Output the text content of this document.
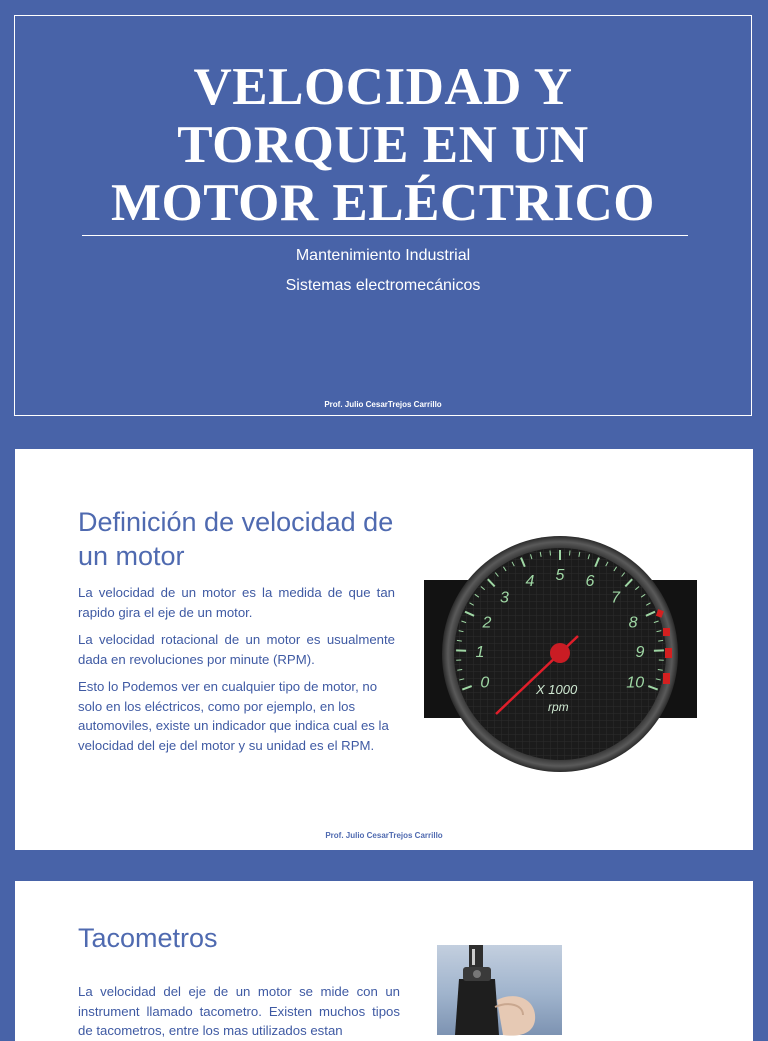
VELOCIDAD Y
TORQUE EN UN
MOTOR ELÉCTRICO
Mantenimiento Industrial
Sistemas electromecánicos
Prof. Julio CesarTrejos Carrillo
Definición de velocidad de un motor

La velocidad de un motor es la medida de que tan rapido gira el eje de un motor.

La velocidad rotacional de un motor es usualmente dada en revoluciones por minute (RPM).

Esto lo Podemos ver en cualquier tipo de motor, no solo en los eléctricos, como por ejemplo, en los automoviles, existe un indicador que indica cual es la velocidad del eje del motor y su unidad es el RPM.

0
1
2
3
4 5 6
7
8
9
10
X 1000
rpm
Prof. Julio CesarTrejos Carrillo
Tacometros
La velocidad del eje de un motor se mide con un instrument llamado tacometro. Existen muchos tipos de tacometros, entre los mas utilizados estan
